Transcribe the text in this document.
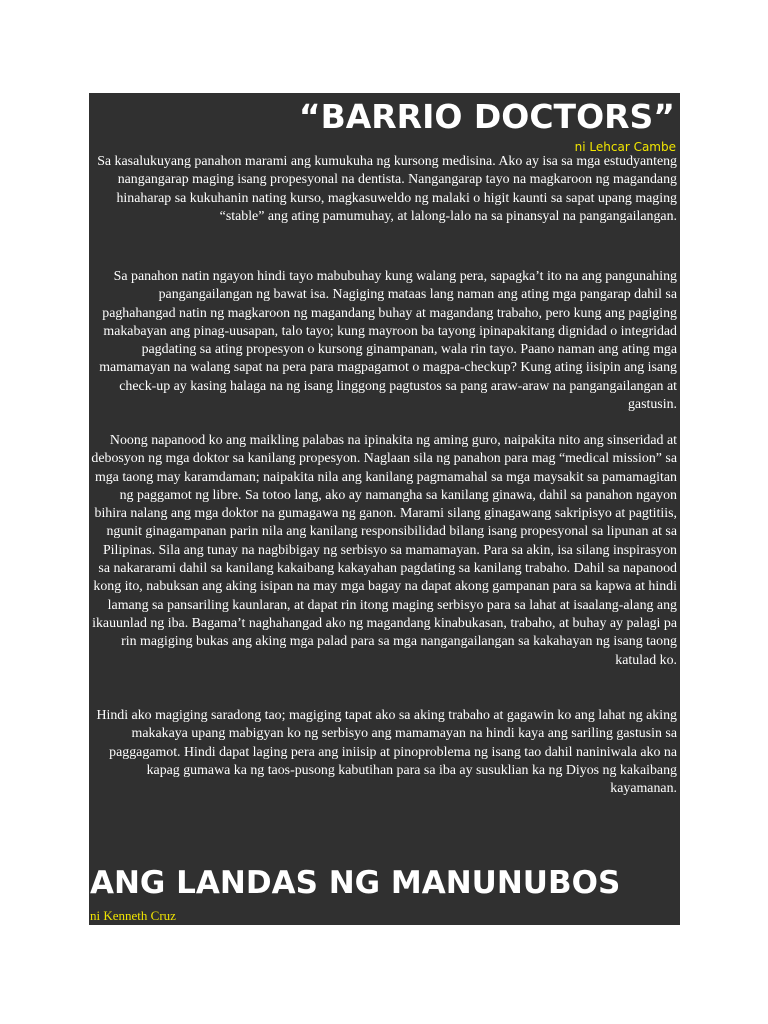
“BARRIO DOCTORS”
ni Lehcar Cambe

Sa kasalukuyang panahon marami ang kumukuha ng kursong medisina. Ako ay isa sa mga estudyanteng nangangarap maging isang propesyonal na dentista. Nangangarap tayo na magkaroon ng magandang hinaharap sa kukuhanin nating kurso, magkasuweldo ng malaki o higit kaunti sa sapat upang maging “stable” ang ating pamumuhay, at lalong-lalo na sa pinansyal na pangangailangan.

Sa panahon natin ngayon hindi tayo mabubuhay kung walang pera, sapagka’t ito na ang pangunahing pangangailangan ng bawat isa. Nagiging mataas lang naman ang ating mga pangarap dahil sa paghahangad natin ng magkaroon ng magandang buhay at magandang trabaho, pero kung ang pagiging makabayan ang pinag-uusapan, talo tayo; kung mayroon ba tayong ipinapakitang dignidad o integridad pagdating sa ating propesyon o kursong ginampanan, wala rin tayo. Paano naman ang ating mga mamamayan na walang sapat na pera para magpagamot o magpa-checkup? Kung ating iisipin ang isang check-up ay kasing halaga na ng isang linggong pagtustos sa pang araw-araw na pangangailangan at gastusin.

Noong napanood ko ang maikling palabas na ipinakita ng aming guro, naipakita nito ang sinseridad at debosyon ng mga doktor sa kanilang propesyon. Naglaan sila ng panahon para mag “medical mission” sa mga taong may karamdaman; naipakita nila ang kanilang pagmamahal sa mga maysakit sa pamamagitan ng paggamot ng libre. Sa totoo lang, ako ay namangha sa kanilang ginawa, dahil sa panahon ngayon bihira nalang ang mga doktor na gumagawa ng ganon. Marami silang ginagawang sakripisyo at pagtitiis, ngunit ginagampanan parin nila ang kanilang responsibilidad bilang isang propesyonal sa lipunan at sa Pilipinas. Sila ang tunay na nagbibigay ng serbisyo sa mamamayan. Para sa akin, isa silang inspirasyon sa nakararami dahil sa kanilang kakaibang kakayahan pagdating sa kanilang trabaho. Dahil sa napanood kong ito, nabuksan ang aking isipan na may mga bagay na dapat akong gampanan para sa kapwa at hindi lamang sa pansariling kaunlaran, at dapat rin itong maging serbisyo para sa lahat at isaalang-alang ang ikauunlad ng iba. Bagama’t naghahangad ako ng magandang kinabukasan, trabaho, at buhay ay palagi pa rin magiging bukas ang aking mga palad para sa mga nangangailangan sa kakahayan ng isang taong katulad ko.

Hindi ako magiging saradong tao; magiging tapat ako sa aking trabaho at gagawin ko ang lahat ng aking makakaya upang mabigyan ko ng serbisyo ang mamamayan na hindi kaya ang sariling gastusin sa paggagamot. Hindi dapat laging pera ang iniisip at pinoproblema ng isang tao dahil naniniwala ako na kapag gumawa ka ng taos-pusong kabutihan para sa iba ay susuklian ka ng Diyos ng kakaibang kayamanan.

ANG LANDAS NG MANUNUBOS
ni Kenneth Cruz
